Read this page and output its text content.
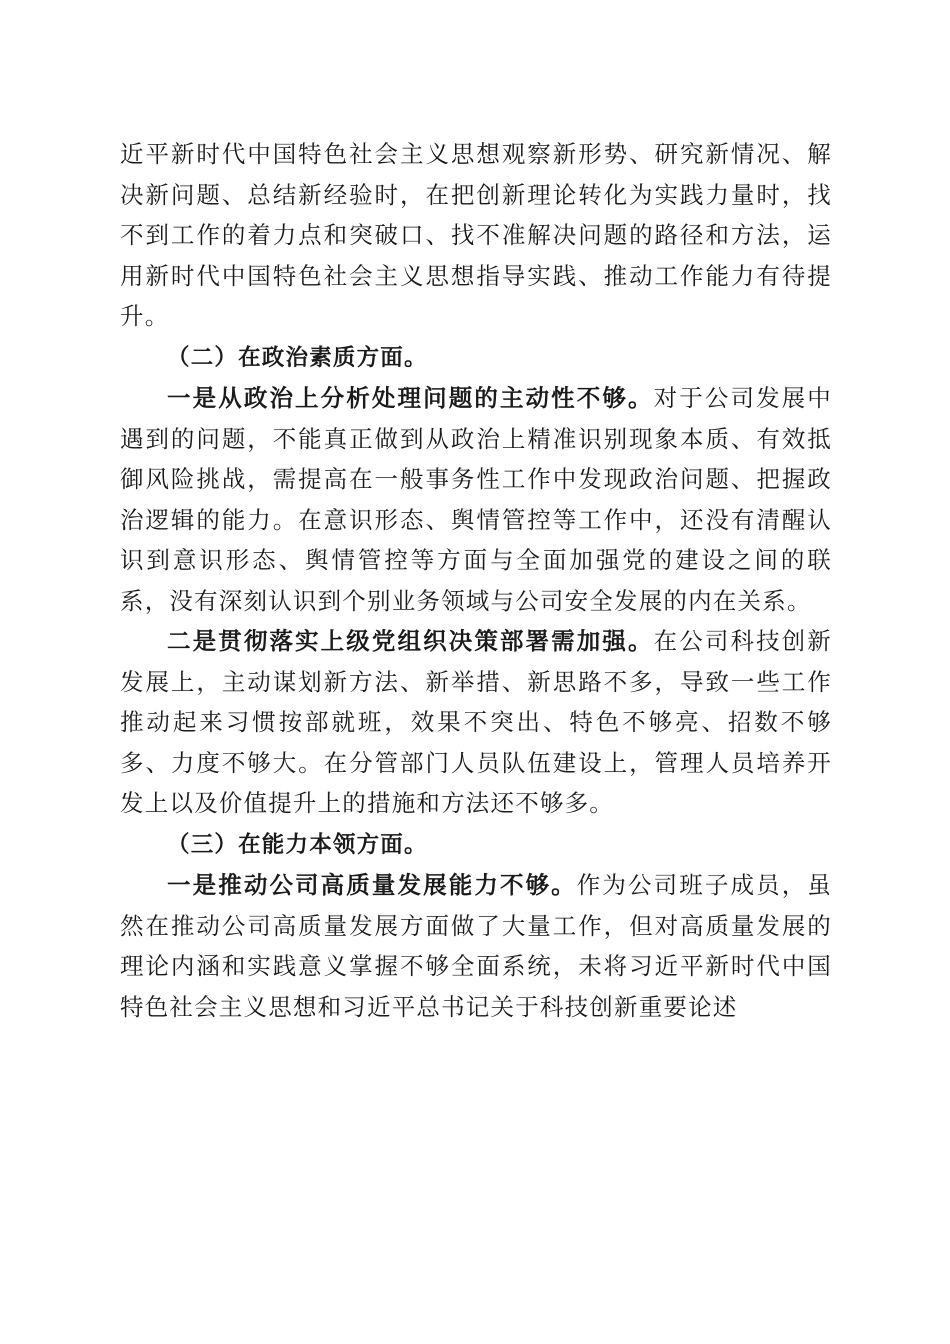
近平新时代中国特色社会主义思想观察新形势、研究新情况、解决新问题、总结新经验时，在把创新理论转化为实践力量时，找不到工作的着力点和突破口、找不准解决问题的路径和方法，运用新时代中国特色社会主义思想指导实践、推动工作能力有待提升。

（二）在政治素质方面。

一是从政治上分析处理问题的主动性不够。对于公司发展中遇到的问题，不能真正做到从政治上精准识别现象本质、有效抵御风险挑战，需提高在一般事务性工作中发现政治问题、把握政治逻辑的能力。在意识形态、舆情管控等工作中，还没有清醒认识到意识形态、舆情管控等方面与全面加强党的建设之间的联系，没有深刻认识到个别业务领域与公司安全发展的内在关系。

二是贯彻落实上级党组织决策部署需加强。在公司科技创新发展上，主动谋划新方法、新举措、新思路不多，导致一些工作推动起来习惯按部就班，效果不突出、特色不够亮、招数不够多、力度不够大。在分管部门人员队伍建设上，管理人员培养开发上以及价值提升上的措施和方法还不够多。

（三）在能力本领方面。

一是推动公司高质量发展能力不够。作为公司班子成员，虽然在推动公司高质量发展方面做了大量工作，但对高质量发展的理论内涵和实践意义掌握不够全面系统，未将习近平新时代中国特色社会主义思想和习近平总书记关于科技创新重要论述
